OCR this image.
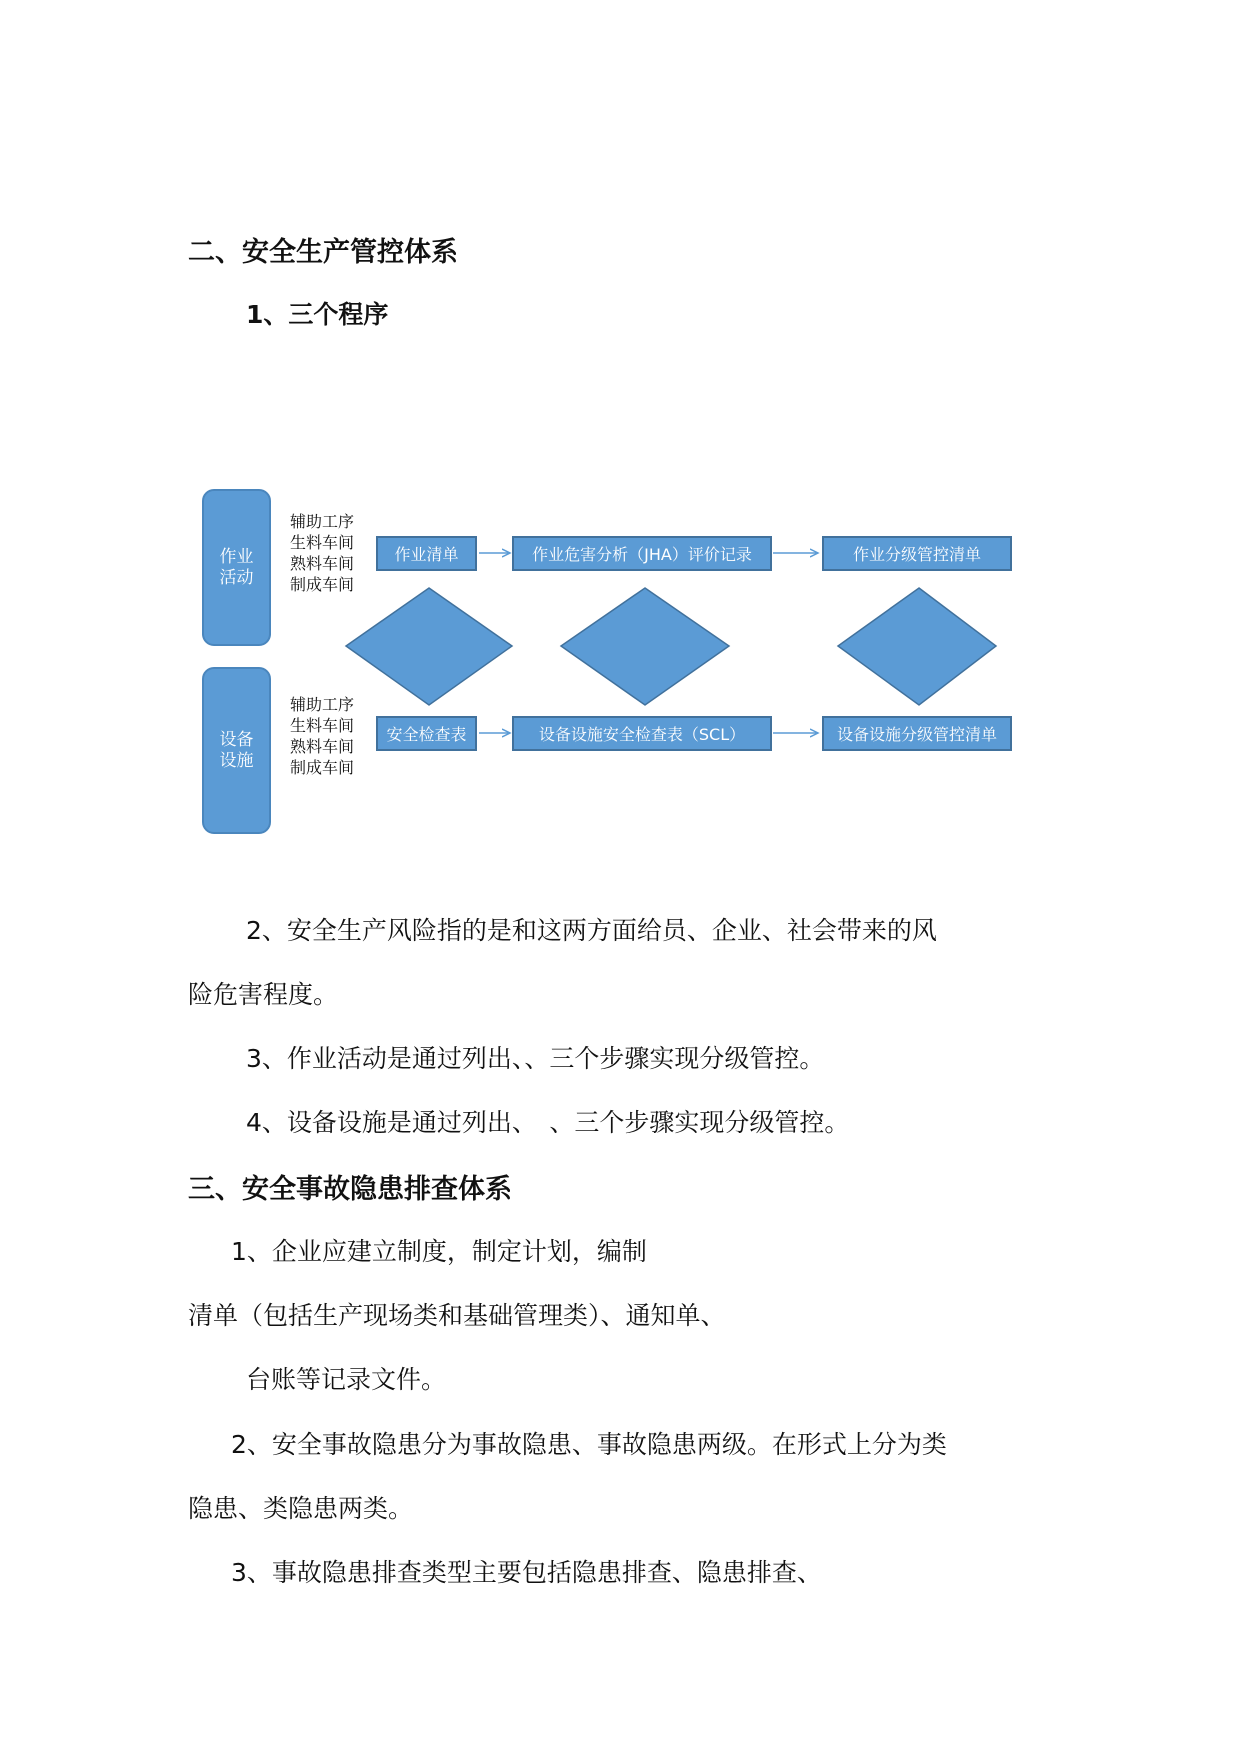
二、安全生产管控体系
1、三个程序
作业
活动
设备
设施
辅助工序
生料车间
熟料车间
制成车间
辅助工序
生料车间
熟料车间
制成车间
作业清单	作业危害分析（JHA）评价记录	作业分级管控清单
安全检查表	设备设施安全检查表（SCL）	设备设施分级管控清单
2、安全生产风险指的是和这两方面给员、企业、社会带来的风
险危害程度。
3、作业活动是通过列出、、三个步骤实现分级管控。
4、设备设施是通过列出、　、三个步骤实现分级管控。
三、安全事故隐患排查体系
1、企业应建立制度，制定计划，编制
清单（包括生产现场类和基础管理类）、通知单、
台账等记录文件。
2、安全事故隐患分为事故隐患、事故隐患两级。在形式上分为类
隐患、类隐患两类。
3、事故隐患排查类型主要包括隐患排查、隐患排查、
